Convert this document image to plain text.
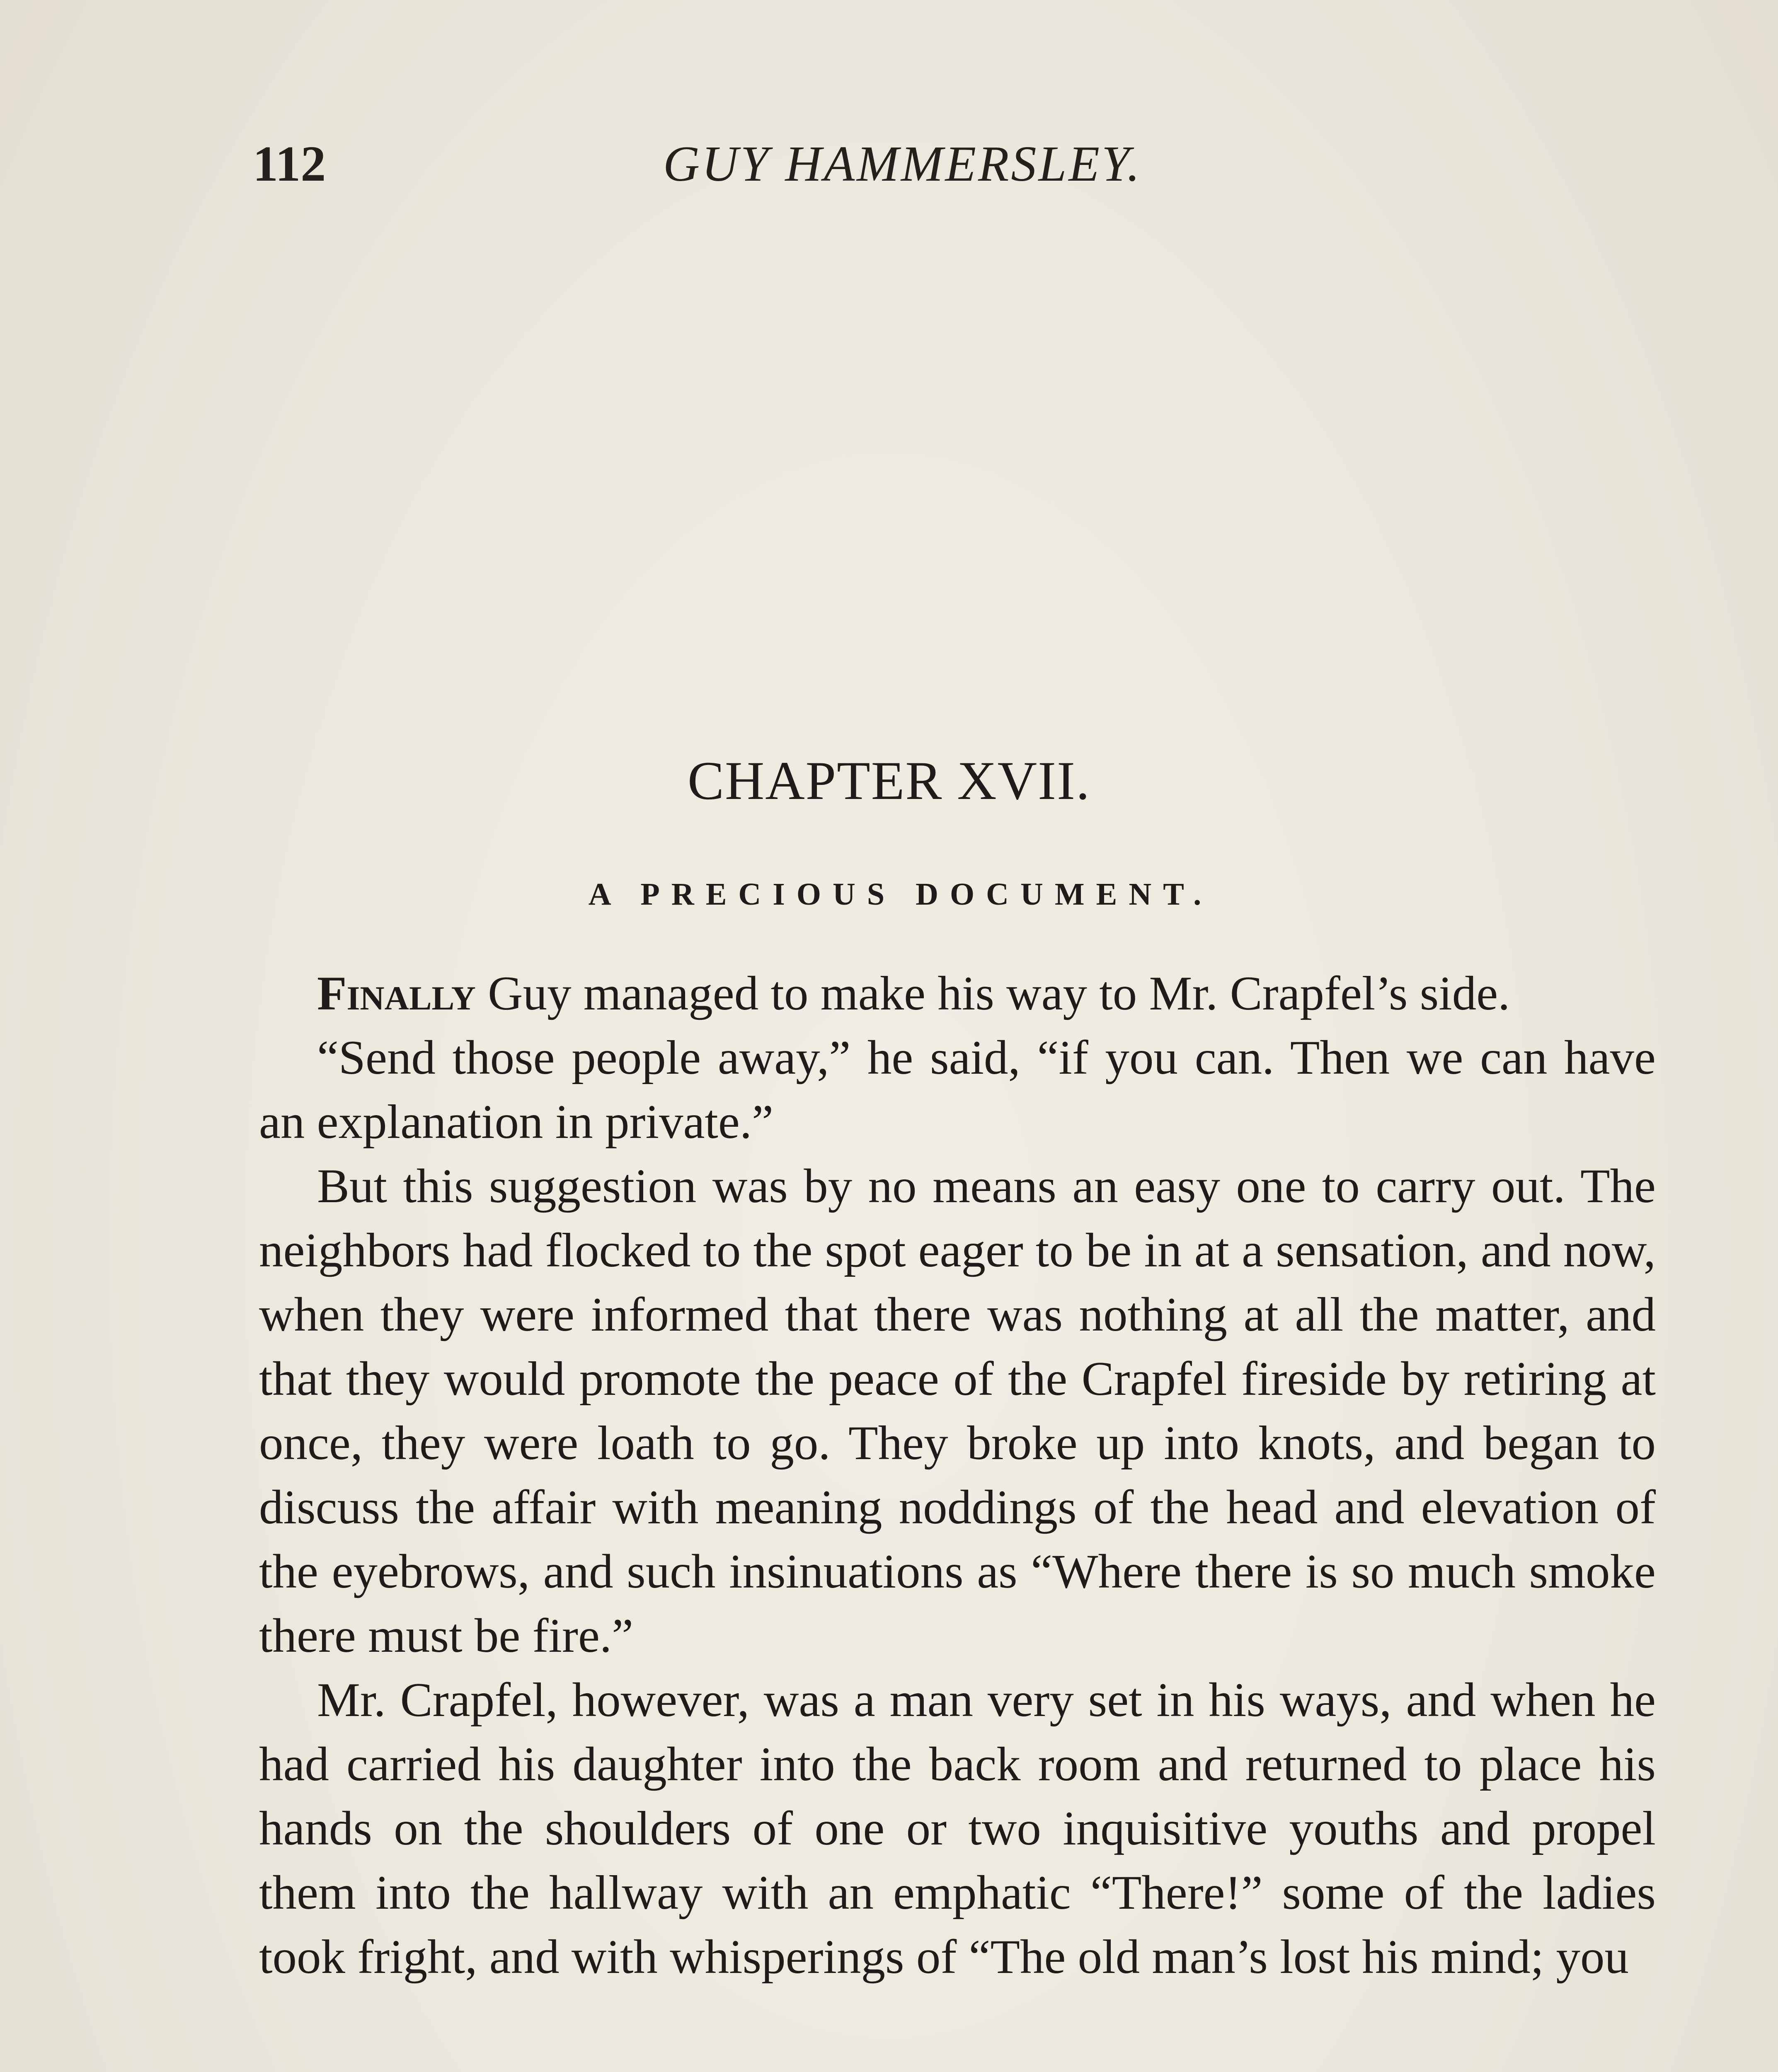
112	GUY HAMMERSLEY.
CHAPTER XVII.
A PRECIOUS DOCUMENT.

Finally Guy managed to make his way to Mr. Crapfel’s side.

“Send those people away,” he said, “if you can. Then we can have an explanation in private.”

But this suggestion was by no means an easy one to carry out. The neighbors had flocked to the spot eager to be in at a sensation, and now, when they were informed that there was nothing at all the matter, and that they would promote the peace of the Crapfel fireside by retiring at once, they were loath to go. They broke up into knots, and began to discuss the affair with meaning noddings of the head and elevation of the eyebrows, and such insinuations as “Where there is so much smoke there must be fire.”

Mr. Crapfel, however, was a man very set in his ways, and when he had carried his daughter into the back room and returned to place his hands on the shoulders of one or two inquisitive youths and propel them into the hallway with an emphatic “There!” some of the ladies took fright, and with whisperings of “The old man’s lost his mind; you
